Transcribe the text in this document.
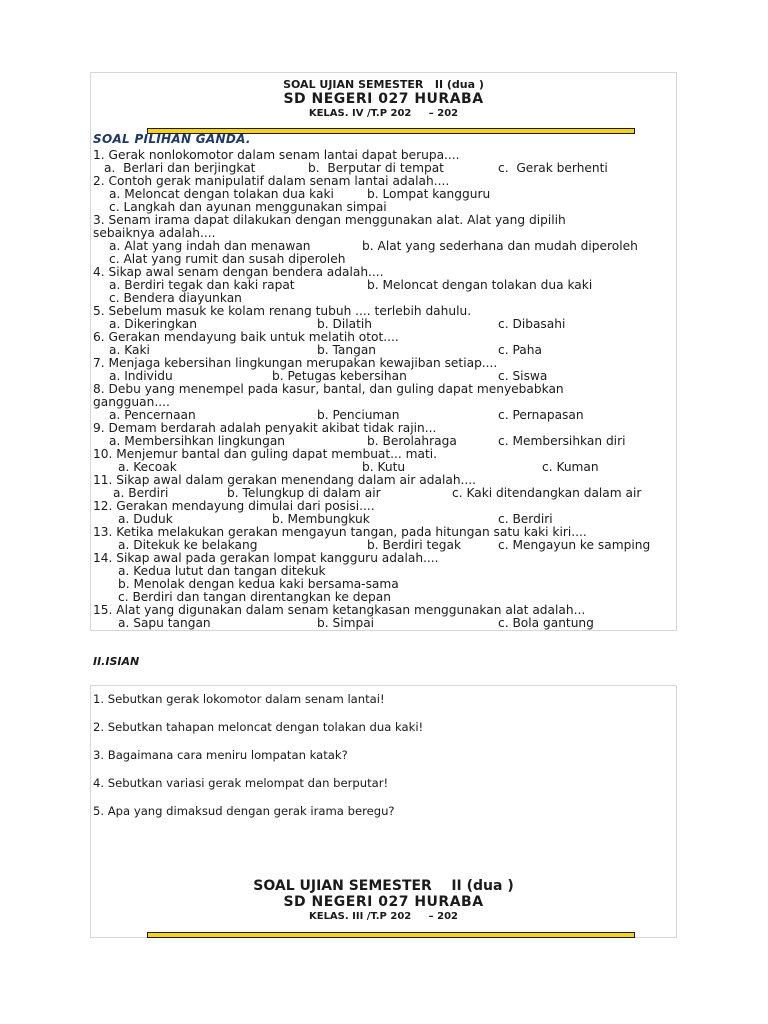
SOAL UJIAN SEMESTER   II (dua )
SD NEGERI 027 HURABA
KELAS. IV /T.P 202     – 202
SOAL PILIHAN GANDA.
1. Gerak nonlokomotor dalam senam lantai dapat berupa....
a.  Berlari dan berjingkat	b.  Berputar di tempat	c.  Gerak berhenti
2. Contoh gerak manipulatif dalam senam lantai adalah....
a. Meloncat dengan tolakan dua kaki	b. Lompat kangguru
c. Langkah dan ayunan menggunakan simpai
3. Senam irama dapat dilakukan dengan menggunakan alat. Alat yang dipilih
sebaiknya adalah....
a. Alat yang indah dan menawan	b. Alat yang sederhana dan mudah diperoleh
c. Alat yang rumit dan susah diperoleh
4. Sikap awal senam dengan bendera adalah....
a. Berdiri tegak dan kaki rapat	b. Meloncat dengan tolakan dua kaki
c. Bendera diayunkan
5. Sebelum masuk ke kolam renang tubuh .... terlebih dahulu.
a. Dikeringkan	b. Dilatih	c. Dibasahi
6. Gerakan mendayung baik untuk melatih otot....
a. Kaki	b. Tangan	c. Paha
7. Menjaga kebersihan lingkungan merupakan kewajiban setiap....
a. Individu	b. Petugas kebersihan	c. Siswa
8. Debu yang menempel pada kasur, bantal, dan guling dapat menyebabkan
gangguan....
a. Pencernaan	b. Penciuman	c. Pernapasan
9. Demam berdarah adalah penyakit akibat tidak rajin...
a. Membersihkan lingkungan	b. Berolahraga	c. Membersihkan diri
10. Menjemur bantal dan guling dapat membuat... mati.
a. Kecoak	b. Kutu	c. Kuman
11. Sikap awal dalam gerakan menendang dalam air adalah....
a. Berdiri	b. Telungkup di dalam air	c. Kaki ditendangkan dalam air
12. Gerakan mendayung dimulai dari posisi....
a. Duduk	b. Membungkuk	c. Berdiri
13. Ketika melakukan gerakan mengayun tangan, pada hitungan satu kaki kiri....
a. Ditekuk ke belakang	b. Berdiri tegak	c. Mengayun ke samping
14. Sikap awal pada gerakan lompat kangguru adalah....
a. Kedua lutut dan tangan ditekuk
b. Menolak dengan kedua kaki bersama-sama
c. Berdiri dan tangan direntangkan ke depan
15. Alat yang digunakan dalam senam ketangkasan menggunakan alat adalah...
a. Sapu tangan	b. Simpai	c. Bola gantung
II.ISIAN
1. Sebutkan gerak lokomotor dalam senam lantai!
2. Sebutkan tahapan meloncat dengan tolakan dua kaki!
3. Bagaimana cara meniru lompatan katak?
4. Sebutkan variasi gerak melompat dan berputar!
5. Apa yang dimaksud dengan gerak irama beregu?
SOAL UJIAN SEMESTER    II (dua )
SD NEGERI 027 HURABA
KELAS. III /T.P 202     – 202
